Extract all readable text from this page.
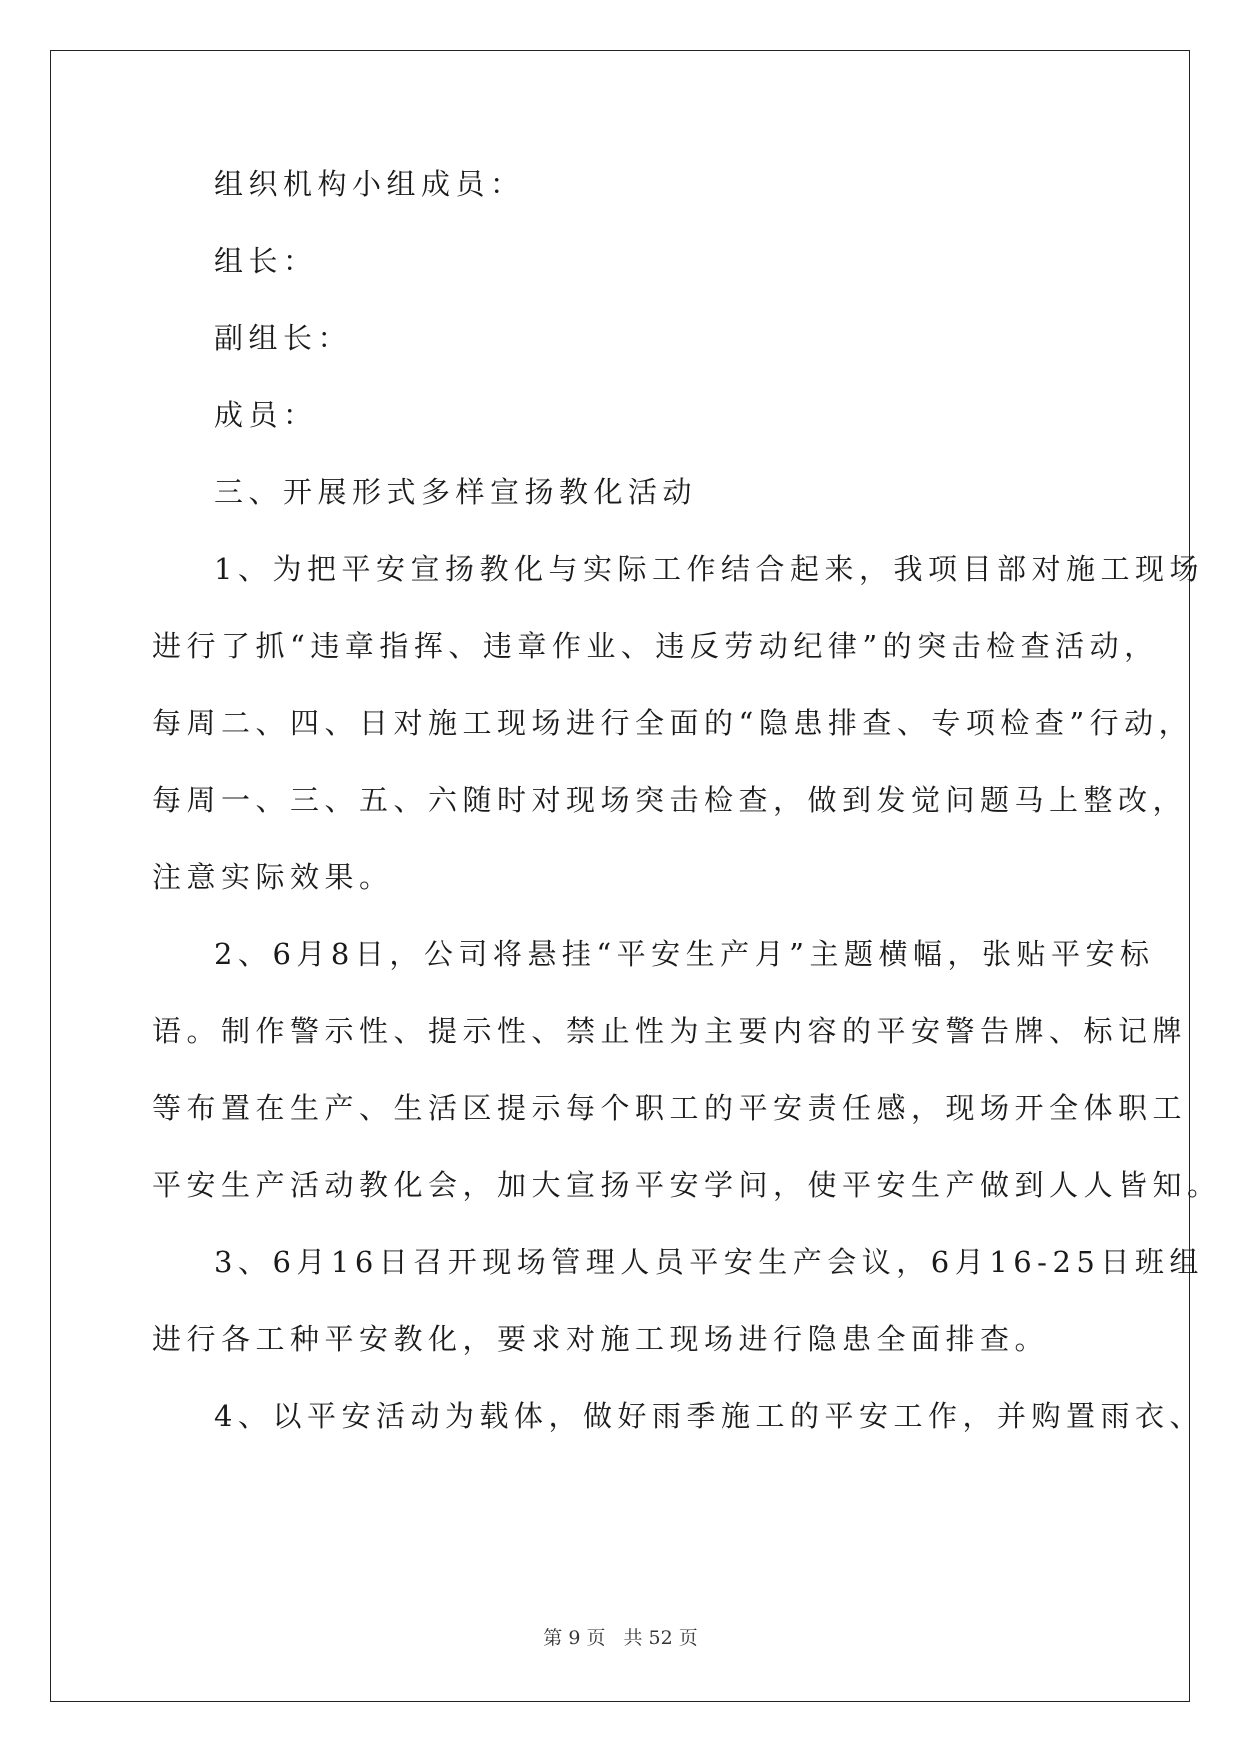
组织机构小组成员：
组长：
副组长：
成员：
三、开展形式多样宣扬教化活动
1、为把平安宣扬教化与实际工作结合起来，我项目部对施工现场
进行了抓“违章指挥、违章作业、违反劳动纪律”的突击检查活动，
每周二、四、日对施工现场进行全面的“隐患排查、专项检查”行动，
每周一、三、五、六随时对现场突击检查，做到发觉问题马上整改，
注意实际效果。
2、6月8日，公司将悬挂“平安生产月”主题横幅，张贴平安标
语。制作警示性、提示性、禁止性为主要内容的平安警告牌、标记牌
等布置在生产、生活区提示每个职工的平安责任感，现场开全体职工
平安生产活动教化会，加大宣扬平安学问，使平安生产做到人人皆知。
3、6月16日召开现场管理人员平安生产会议，6月16-25日班组
进行各工种平安教化，要求对施工现场进行隐患全面排查。
4、以平安活动为载体，做好雨季施工的平安工作，并购置雨衣、
第 9 页 共 52 页
